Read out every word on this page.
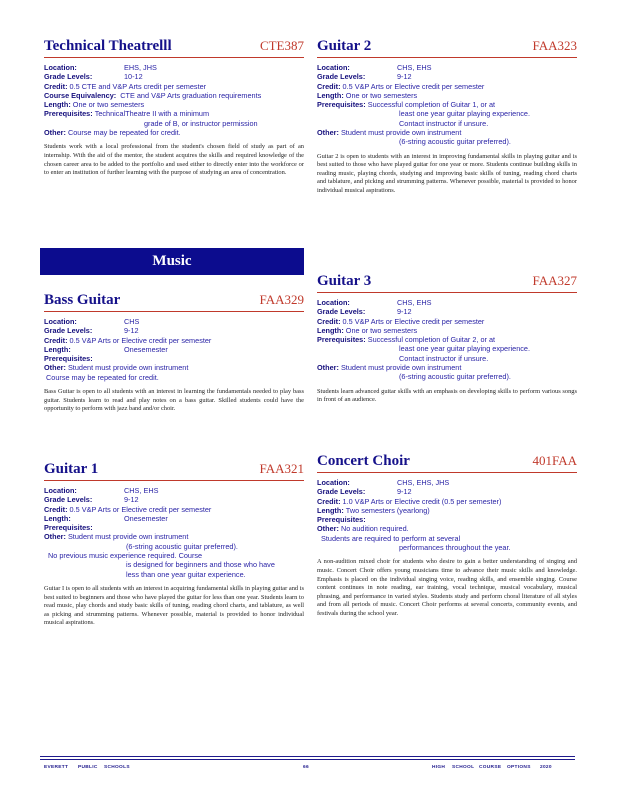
Technical Theatrelll	CTE387
Location:	EHS, JHS
Grade Levels:	10-12
Credit:
0.5 CTE and V&P Arts credit per semester
Course Equivalency:
CTE and V&P Arts graduation requirements
Length:
One or two semesters
Prerequisites:
TechnicalTheatre II with a minimum
grade of B, or instructor permission
Other:
Course may be repeated for credit.
Students work with a local professional from the student's chosen field of study as part of an internship. With the aid of the mentor, the student acquires the skills and required knowledge of the chosen career area to be added to the portfolio and used either to directly enter into the workforce or to enter an institution of further learning with the purpose of studying an area of concentration.
Bass Guitar	FAA329
Location:	CHS
Grade Levels:	9-12
Credit:
0.5 V&P Arts or Elective credit per semester
Length:	Onesemester
Prerequisites:
Other:
Student must provide own instrument
Course may be repeated for credit.
Bass Guitar is open to all students with an interest in learning the fundamentals needed to play bass guitar. Students learn to read and play notes on a bass guitar. Skilled students could have the opportunity to perform with jazz band and/or choir.
Guitar 1	FAA321
Location:	CHS, EHS
Grade Levels:	9-12
Credit:
0.5 V&P Arts or Elective credit per semester
Length:	Onesemester
Prerequisites:
Other:
Student must provide own instrument
(6-string acoustic guitar preferred).
No previous music experience required. Course
is designed for beginners and those who have
less than one year guitar experience.
Guitar I is open to all students with an interest in acquiring fundamental skills in playing guitar and is best suited to beginners and those who have played the guitar for less than one year. Students learn to read music, play chords and study basic skills of tuning, reading chord charts, and tablature, as well as picking and strumming patterns. Whenever possible, material is provided to honor individual musical aspirations.
Music
Guitar 2	FAA323
Location:	CHS, EHS
Grade Levels:	9-12
Credit:
0.5 V&P Arts or Elective credit per semester
Length:
One or two semesters
Prerequisites:
Successful completion of Guitar 1, or at
least one year guitar playing experience.
Contact instructor if unsure.
Other:
Student must provide own instrument
(6-string acoustic guitar preferred).
Guitar 2 is open to students with an interest in improving fundamental skills in playing guitar and is best suited to those who have played guitar for one year or more. Students continue building skills in reading music, playing chords, studying and improving basic skills of tuning, reading chord charts and tablature, and picking and strumming patterns. Whenever possible, material is provided to honor individual musical aspirations.
Guitar 3	FAA327
Location:	CHS, EHS
Grade Levels:	9-12
Credit:
0.5 V&P Arts or Elective credit per semester
Length:
One or two semesters
Prerequisites:
Successful completion of Guitar 2, or at
least one year guitar playing experience.
Contact instructor if unsure.
Other:
Student must provide own instrument
(6-string acoustic guitar preferred).
Students learn advanced guitar skills with an emphasis on developing skills to perform various songs in front of an audience.
Concert Choir	401FAA
Location:	CHS, EHS, JHS
Grade Levels:	9-12
Credit:
1.0 V&P Arts or Elective credit (0.5 per semester)
Length:
Two semesters (yearlong)
Prerequisites:
Other:
No audition required.
Students are required to perform at several
performances throughout the year.
A non-audition mixed choir for students who desire to gain a better understanding of singing and music. Concert Choir offers young musicians time to advance their music skills and knowledge. Emphasis is placed on the individual singing voice, reading skills, and ensemble singing. Course content continues in note reading, ear training, vocal technique, musical vocabulary, musical phrasing, and performance in varied styles. Students study and perform choral literature of all styles and from all periods of music. Concert Choir performs at several concerts, community events, and festivals during the school year.
EVERETT PUBLIC SCHOOLS	66	HIGH SCHOOL COURSE OPTIONS 2020
